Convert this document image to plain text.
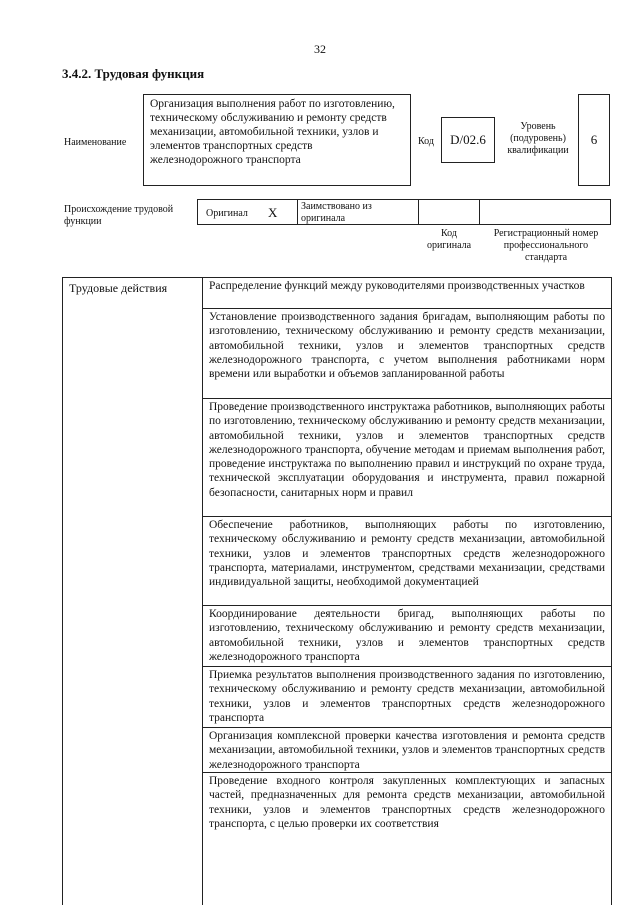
32
3.4.2. Трудовая функция
Наименование
Организация выполнения работ по изготовлению, техническому обслуживанию и ремонту средств механизации, автомобильной техники, узлов и элементов транспортных средств железнодорожного транспорта
Код	D/02.6
Уровень (подуровень) квалификации
6
Происхождение трудовой функции
Оригинал X Заимствовано из оригинала
Код оригинала
Регистрационный номер профессионального стандарта
Трудовые действия	Распределение функций между руководителями производственных участков
Установление производственного задания бригадам, выполняющим работы по изготовлению, техническому обслуживанию и ремонту средств механизации, автомобильной техники, узлов и элементов транспортных средств железнодорожного транспорта, с учетом выполнения работниками норм времени или выработки и объемов запланированной работы
Проведение производственного инструктажа работников, выполняющих работы по изготовлению, техническому обслуживанию и ремонту средств механизации, автомобильной техники, узлов и элементов транспортных средств железнодорожного транспорта, обучение методам и приемам выполнения работ, проведение инструктажа по выполнению правил и инструкций по охране труда, технической эксплуатации оборудования и инструмента, правил пожарной безопасности, санитарных норм и правил
Обеспечение работников, выполняющих работы по изготовлению, техническому обслуживанию и ремонту средств механизации, автомобильной техники, узлов и элементов транспортных средств железнодорожного транспорта, материалами, инструментом, средствами механизации, средствами индивидуальной защиты, необходимой документацией
Координирование деятельности бригад, выполняющих работы по изготовлению, техническому обслуживанию и ремонту средств механизации, автомобильной техники, узлов и элементов транспортных средств железнодорожного транспорта
Приемка результатов выполнения производственного задания по изготовлению, техническому обслуживанию и ремонту средств механизации, автомобильной техники, узлов и элементов транспортных средств железнодорожного транспорта
Организация комплексной проверки качества изготовления и ремонта средств механизации, автомобильной техники, узлов и элементов транспортных средств железнодорожного транспорта
Проведение входного контроля закупленных комплектующих и запасных частей, предназначенных для ремонта средств механизации, автомобильной техники, узлов и элементов транспортных средств железнодорожного транспорта, с целью проверки их соответствия
